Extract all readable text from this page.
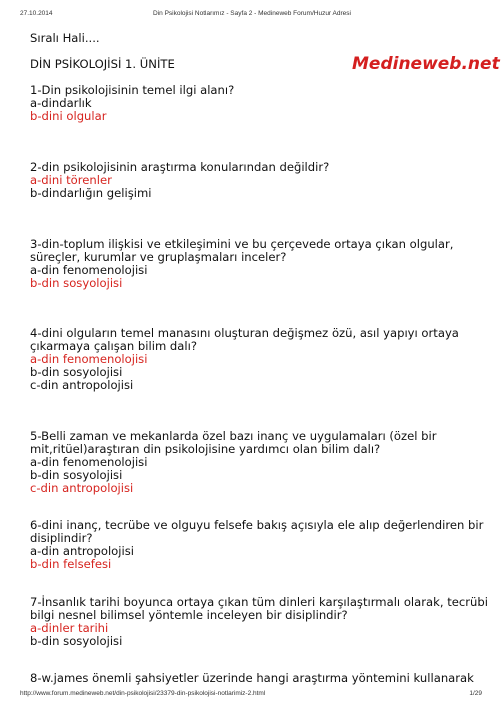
27.10.2014	Din Psikolojisi Notlarımız - Sayfa 2 - Medineweb Forum/Huzur Adresi
Medineweb.net
Sıralı Hali....
DİN PSİKOLOJİSİ 1. ÜNİTE
1-Din psikolojisinin temel ilgi alanı?
a-dindarlık
b-dini olgular
2-din psikolojisinin araştırma konularından değildir?
a-dini törenler
b-dindarlığın gelişimi
3-din-toplum ilişkisi ve etkileşimini ve bu çerçevede ortaya çıkan olgular,
süreçler, kurumlar ve gruplaşmaları inceler?
a-din fenomenolojisi
b-din sosyolojisi
4-dini olguların temel manasını oluşturan değişmez özü, asıl yapıyı ortaya
çıkarmaya çalışan bilim dalı?
a-din fenomenolojisi
b-din sosyolojisi
c-din antropolojisi
5-Belli zaman ve mekanlarda özel bazı inanç ve uygulamaları (özel bir
mit,ritüel)araştıran din psikolojisine yardımcı olan bilim dalı?
a-din fenomenolojisi
b-din sosyolojisi
c-din antropolojisi
6-dini inanç, tecrübe ve olguyu felsefe bakış açısıyla ele alıp değerlendiren bir
disiplindir?
a-din antropolojisi
b-din felsefesi
7-İnsanlık tarihi boyunca ortaya çıkan tüm dinleri karşılaştırmalı olarak, tecrübi
bilgi nesnel bilimsel yöntemle inceleyen bir disiplindir?
a-dinler tarihi
b-din sosyolojisi
8-w.james önemli şahsiyetler üzerinde hangi araştırma yöntemini kullanarak
http://www.forum.medineweb.net/din-psikolojisi/23379-din-psikolojisi-notlarimiz-2.html	1/29
